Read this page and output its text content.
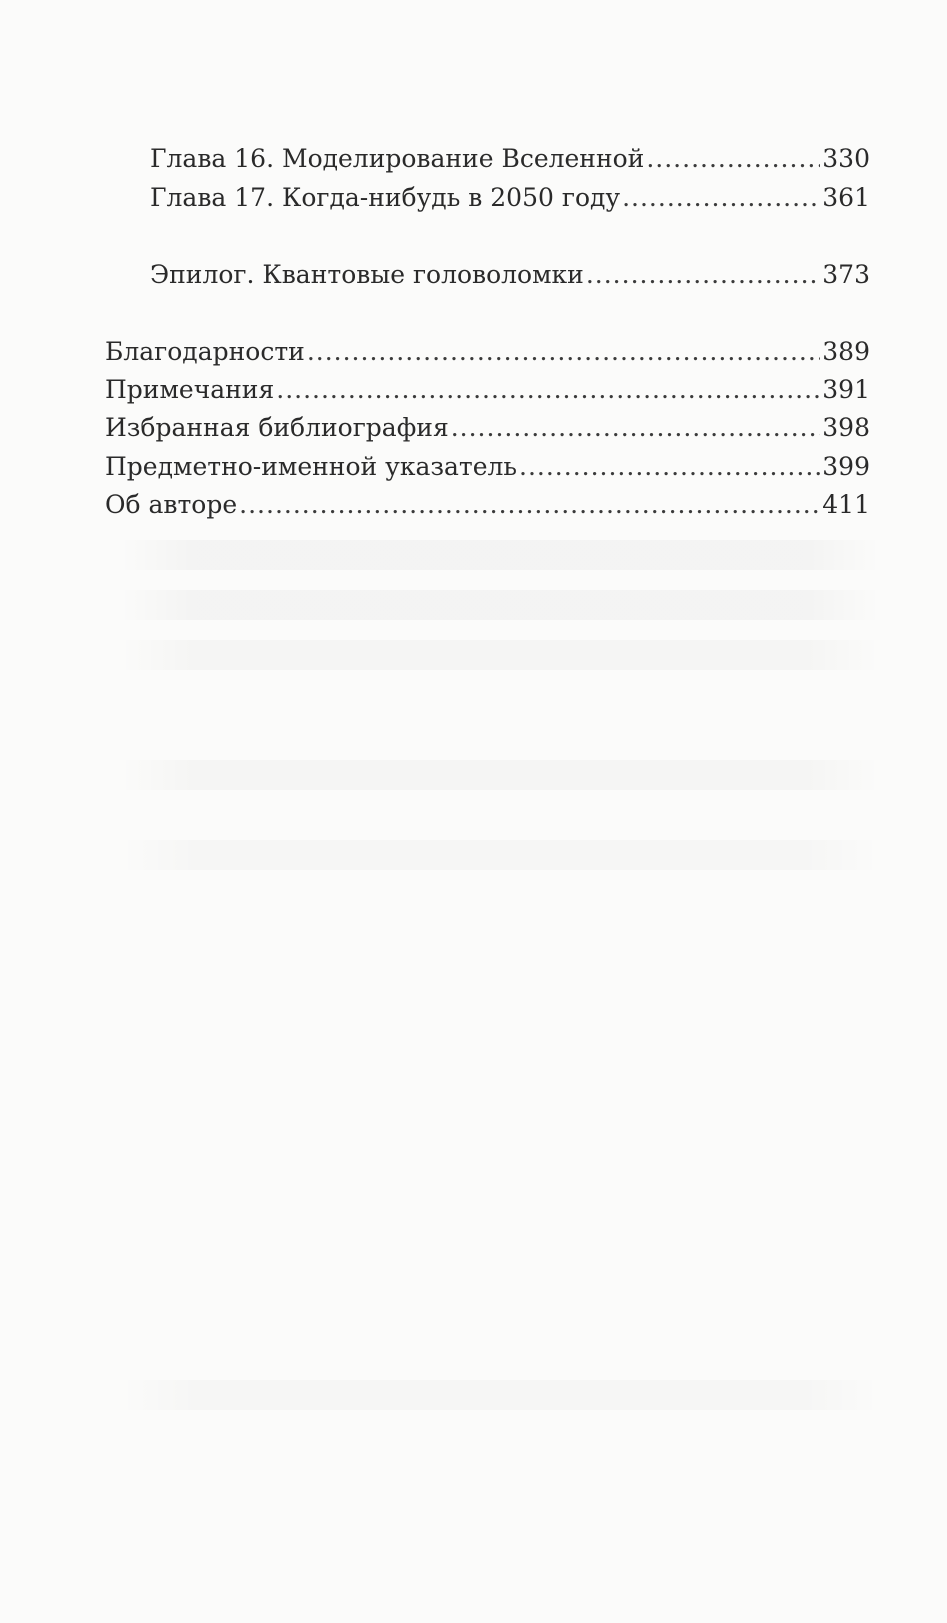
Глава 16. Моделирование Вселенной .....	330
Глава 17. Когда-нибудь в 2050 году .....	361
Эпилог. Квантовые головоломки .....	373
Благодарности .....	389
Примечания .....	391
Избранная библиография .....	398
Предметно-именной указатель .....	399
Об авторе .....	411
